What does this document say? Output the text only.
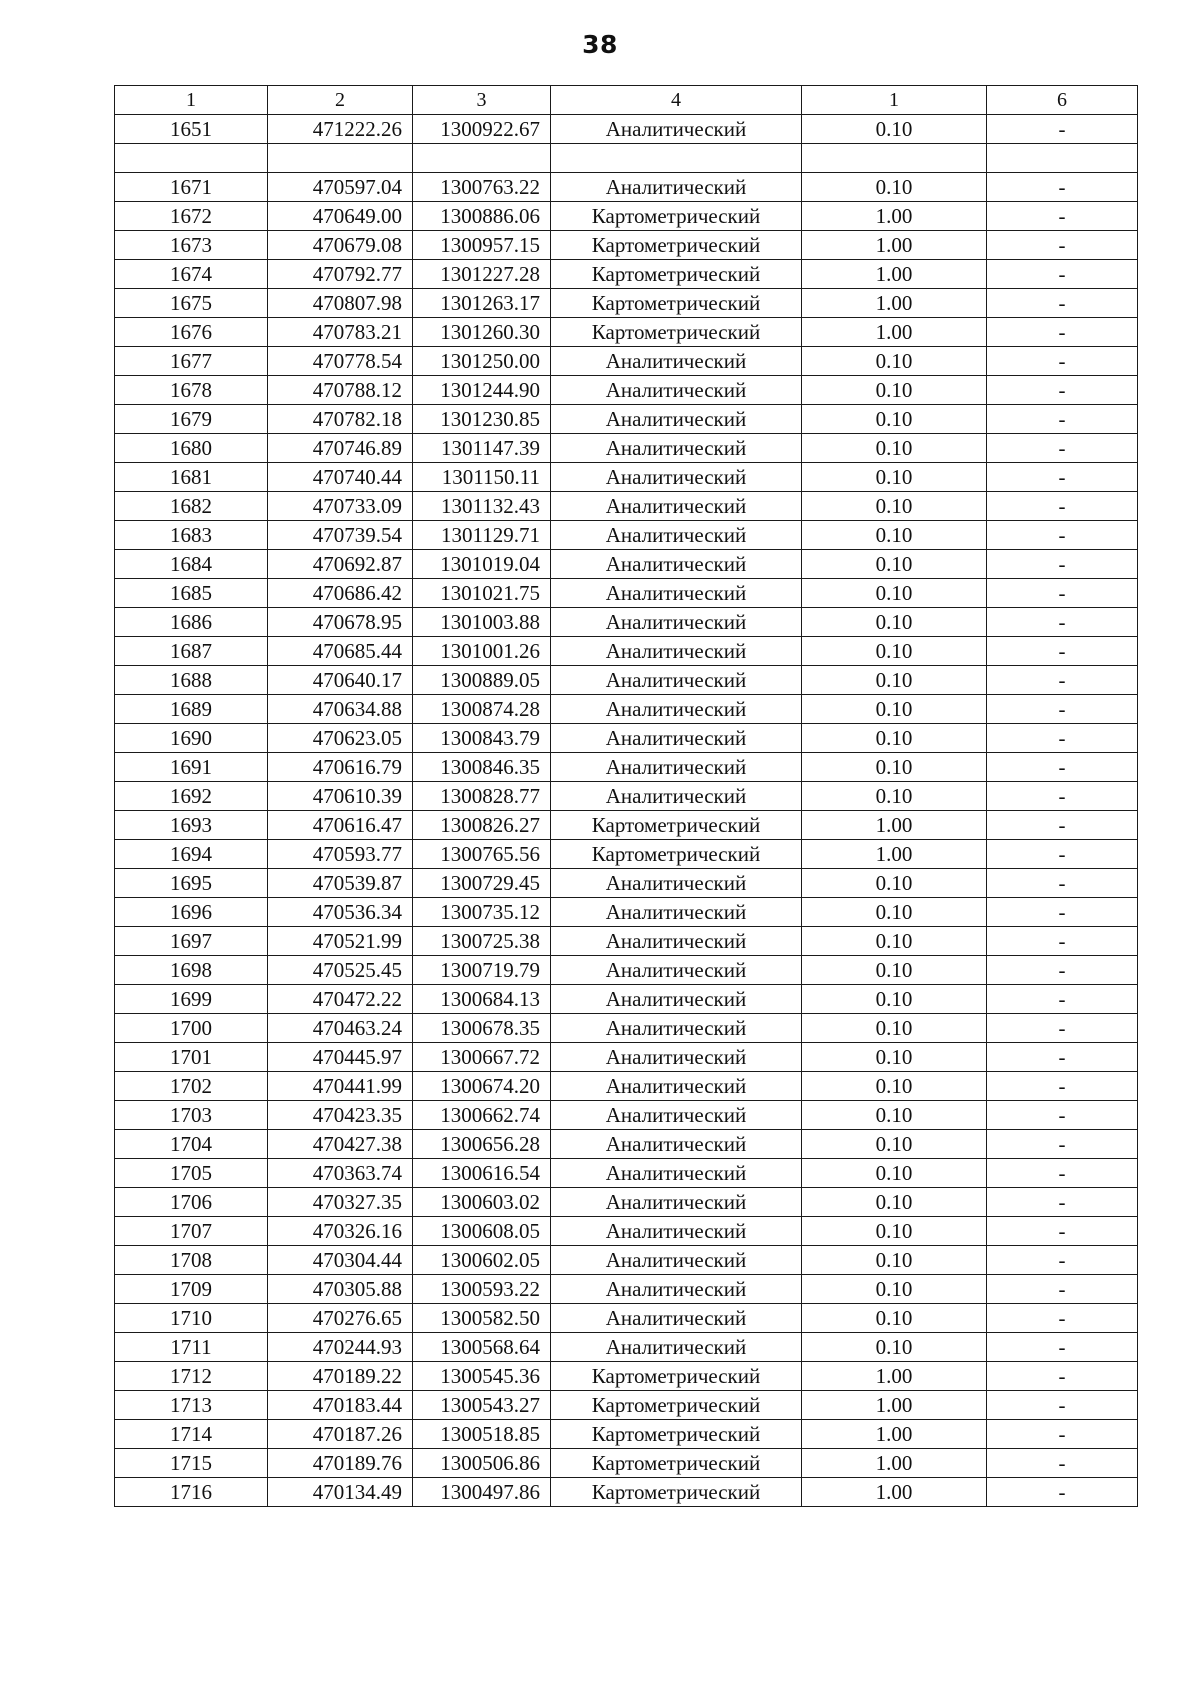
38
1	2	3	4	1	6
1651	471222.26	1300922.67	Аналитический	0.10	-

1671	470597.04	1300763.22	Аналитический	0.10	-
1672	470649.00	1300886.06	Картометрический	1.00	-
1673	470679.08	1300957.15	Картометрический	1.00	-
1674	470792.77	1301227.28	Картометрический	1.00	-
1675	470807.98	1301263.17	Картометрический	1.00	-
1676	470783.21	1301260.30	Картометрический	1.00	-
1677	470778.54	1301250.00	Аналитический	0.10	-
1678	470788.12	1301244.90	Аналитический	0.10	-
1679	470782.18	1301230.85	Аналитический	0.10	-
1680	470746.89	1301147.39	Аналитический	0.10	-
1681	470740.44	1301150.11	Аналитический	0.10	-
1682	470733.09	1301132.43	Аналитический	0.10	-
1683	470739.54	1301129.71	Аналитический	0.10	-
1684	470692.87	1301019.04	Аналитический	0.10	-
1685	470686.42	1301021.75	Аналитический	0.10	-
1686	470678.95	1301003.88	Аналитический	0.10	-
1687	470685.44	1301001.26	Аналитический	0.10	-
1688	470640.17	1300889.05	Аналитический	0.10	-
1689	470634.88	1300874.28	Аналитический	0.10	-
1690	470623.05	1300843.79	Аналитический	0.10	-
1691	470616.79	1300846.35	Аналитический	0.10	-
1692	470610.39	1300828.77	Аналитический	0.10	-
1693	470616.47	1300826.27	Картометрический	1.00	-
1694	470593.77	1300765.56	Картометрический	1.00	-
1695	470539.87	1300729.45	Аналитический	0.10	-
1696	470536.34	1300735.12	Аналитический	0.10	-
1697	470521.99	1300725.38	Аналитический	0.10	-
1698	470525.45	1300719.79	Аналитический	0.10	-
1699	470472.22	1300684.13	Аналитический	0.10	-
1700	470463.24	1300678.35	Аналитический	0.10	-
1701	470445.97	1300667.72	Аналитический	0.10	-
1702	470441.99	1300674.20	Аналитический	0.10	-
1703	470423.35	1300662.74	Аналитический	0.10	-
1704	470427.38	1300656.28	Аналитический	0.10	-
1705	470363.74	1300616.54	Аналитический	0.10	-
1706	470327.35	1300603.02	Аналитический	0.10	-
1707	470326.16	1300608.05	Аналитический	0.10	-
1708	470304.44	1300602.05	Аналитический	0.10	-
1709	470305.88	1300593.22	Аналитический	0.10	-
1710	470276.65	1300582.50	Аналитический	0.10	-
1711	470244.93	1300568.64	Аналитический	0.10	-
1712	470189.22	1300545.36	Картометрический	1.00	-
1713	470183.44	1300543.27	Картометрический	1.00	-
1714	470187.26	1300518.85	Картометрический	1.00	-
1715	470189.76	1300506.86	Картометрический	1.00	-
1716	470134.49	1300497.86	Картометрический	1.00	-
